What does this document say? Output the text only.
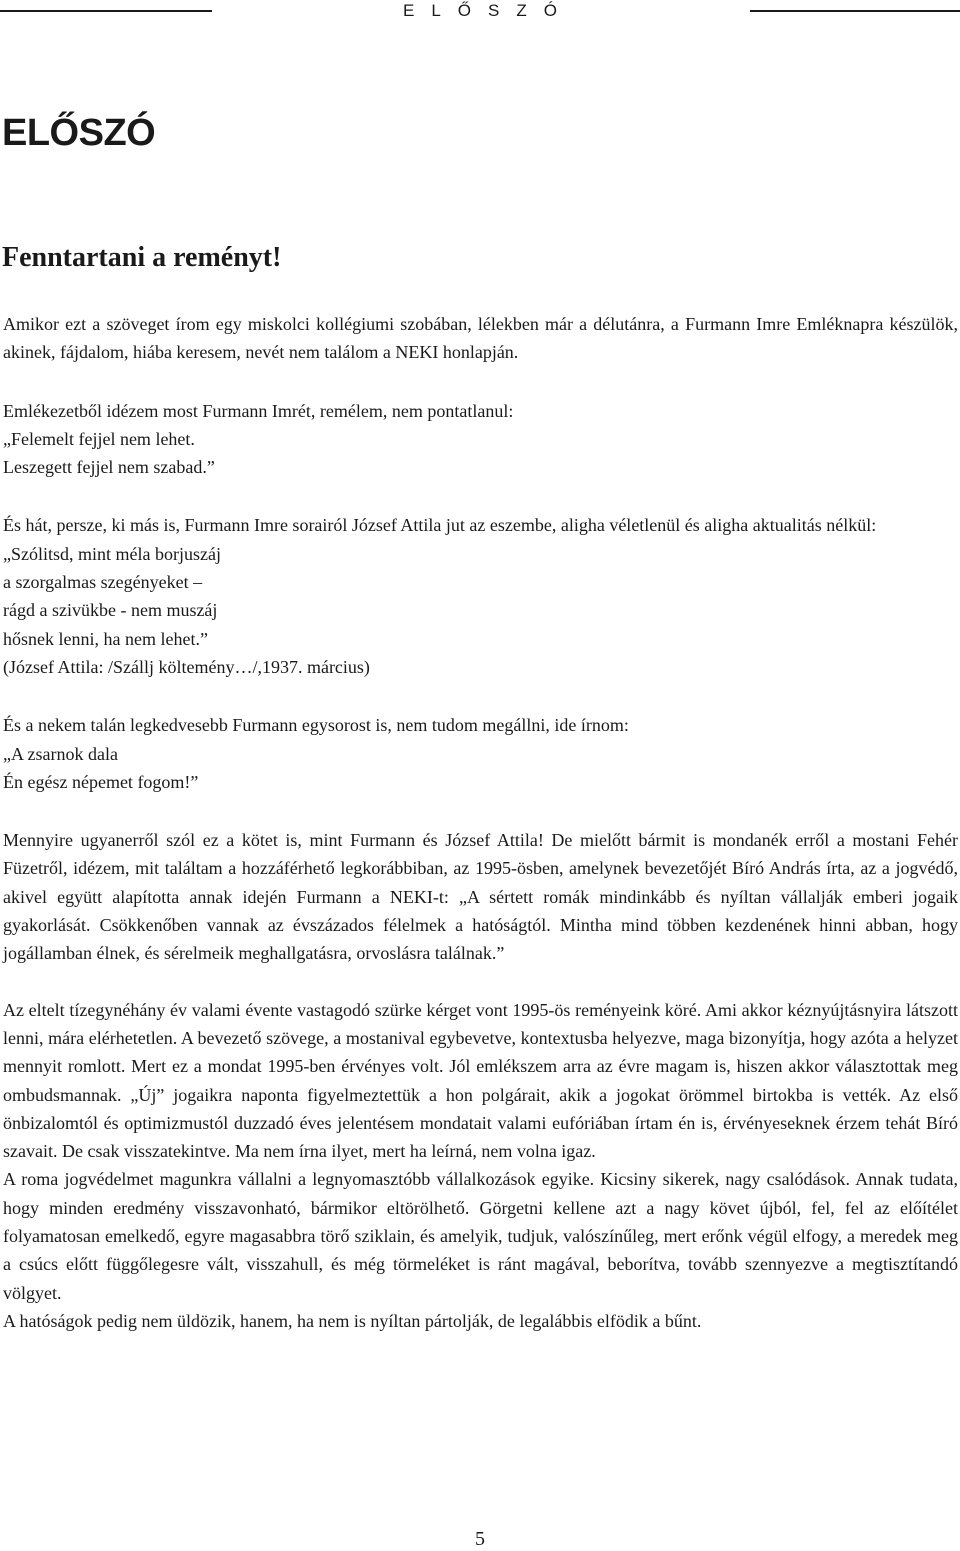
ELŐSZÓ
ELŐSZÓ
Fenntartani a reményt!

Amikor ezt a szöveget írom egy miskolci kollégiumi szobában, lélekben már a délutánra, a Furmann Imre Emléknapra készülök, akinek, fájdalom, hiába keresem, nevét nem találom a NEKI honlapján.

Emlékezetből idézem most Furmann Imrét, remélem, nem pontatlanul:

„Felemelt fejjel nem lehet.

Leszegett fejjel nem szabad.”

És hát, persze, ki más is, Furmann Imre sorairól József Attila jut az eszembe, aligha véletlenül és aligha aktualitás nélkül:

„Szólitsd, mint méla borjuszáj

a szorgalmas szegényeket –

rágd a szivükbe - nem muszáj

hősnek lenni, ha nem lehet.”

(József Attila: /Szállj költemény…/,1937. március)

És a nekem talán legkedvesebb Furmann egysorost is, nem tudom megállni, ide írnom:

„A zsarnok dala

Én egész népemet fogom!”

Mennyire ugyanerről szól ez a kötet is, mint Furmann és József Attila! De mielőtt bármit is mondanék erről a mostani Fehér Füzetről, idézem, mit találtam a hozzáférhető legkorábbiban, az 1995-ösben, amelynek bevezetőjét Bíró András írta, az a jogvédő, akivel együtt alapította annak idején Furmann a NEKI-t: „A sértett romák mindinkább és nyíltan vállalják emberi jogaik gyakorlását. Csökkenőben vannak az évszázados félelmek a hatóságtól. Mintha mind többen kezdenének hinni abban, hogy jogállamban élnek, és sérelmeik meghallgatásra, orvoslásra találnak.”

Az eltelt tízegynéhány év valami évente vastagodó szürke kérget vont 1995-ös reményeink köré. Ami akkor kéznyújtásnyira látszott lenni, mára elérhetetlen. A bevezető szövege, a mostanival egybevetve, kontextusba helyezve, maga bizonyítja, hogy azóta a helyzet mennyit romlott. Mert ez a mondat 1995-ben érvényes volt. Jól emlékszem arra az évre magam is, hiszen akkor választottak meg ombudsmannak. „Új” jogaikra naponta figyelmeztettük a hon polgárait, akik a jogokat örömmel birtokba is vették. Az első önbizalomtól és optimizmustól duzzadó éves jelentésem mondatait valami eufóriában írtam én is, érvényeseknek érzem tehát Bíró szavait. De csak visszatekintve. Ma nem írna ilyet, mert ha leírná, nem volna igaz.

A roma jogvédelmet magunkra vállalni a legnyomasztóbb vállalkozások egyike. Kicsiny sikerek, nagy csalódások. Annak tudata, hogy minden eredmény visszavonható, bármikor eltörölhető. Görgetni kellene azt a nagy követ újból, fel, fel az előítélet folyamatosan emelkedő, egyre magasabbra törő sziklain, és amelyik, tudjuk, valószínűleg, mert erőnk végül elfogy, a meredek meg a csúcs előtt függőlegesre vált, visszahull, és még törmeléket is ránt magával, beborítva, tovább szennyezve a megtisztítandó völgyet.

A hatóságok pedig nem üldözik, hanem, ha nem is nyíltan pártolják, de legalábbis elfödik a bűnt.

5
